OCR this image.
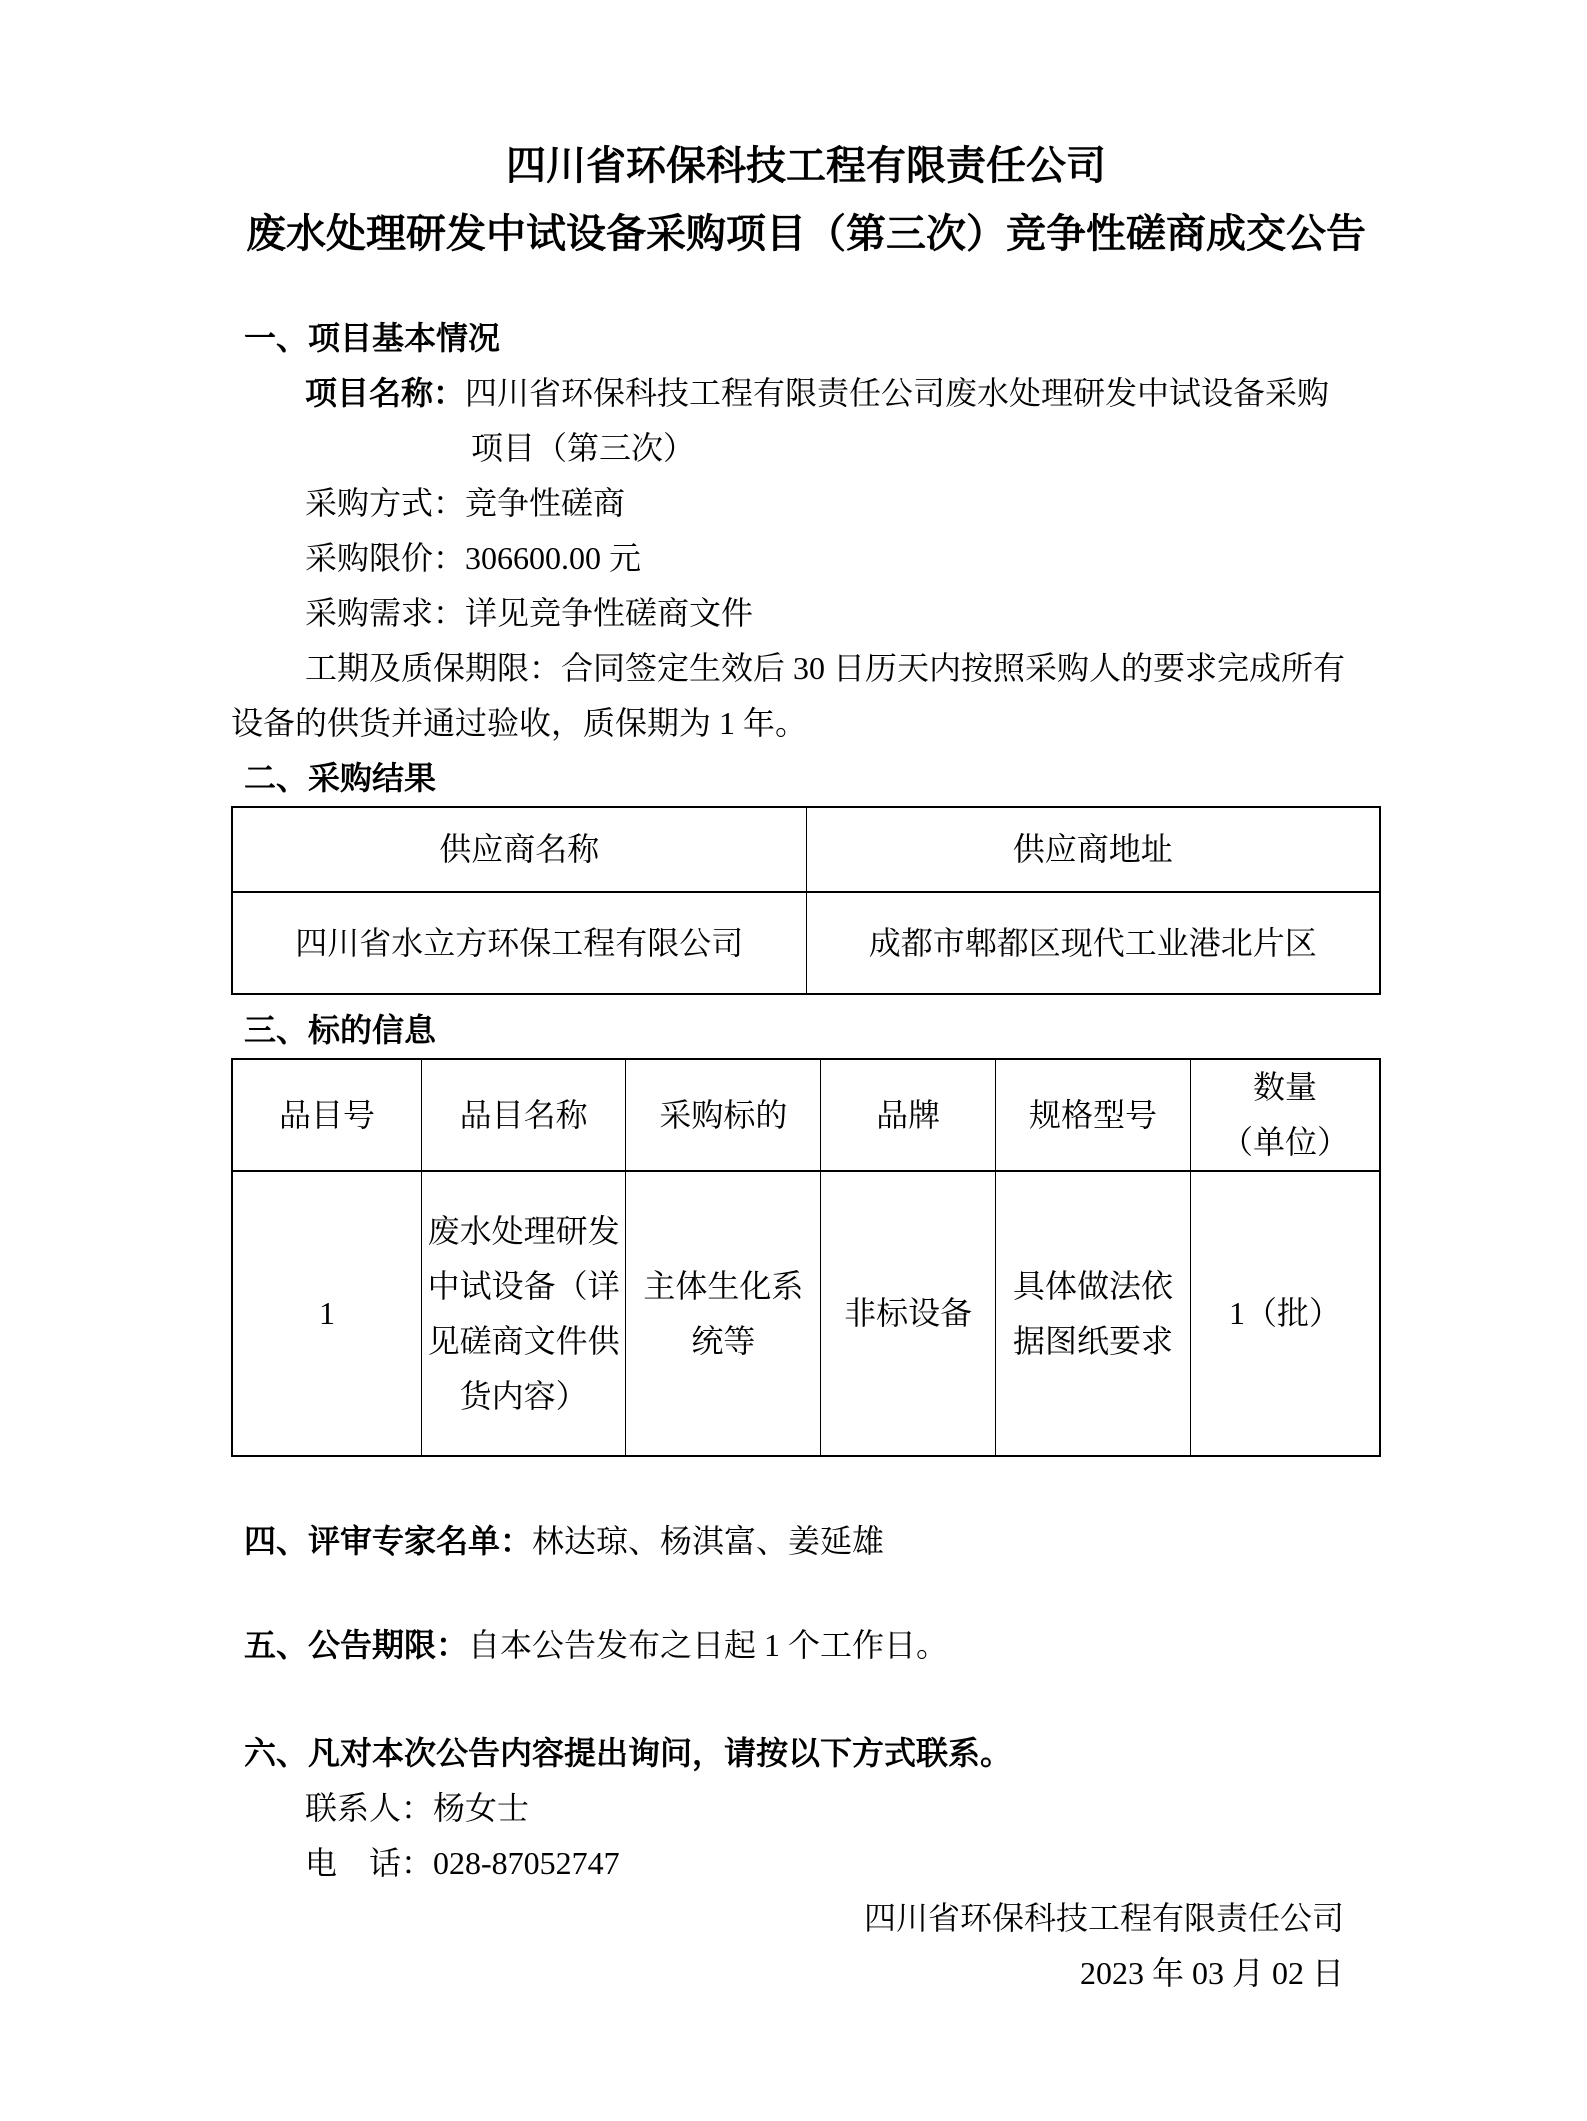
四川省环保科技工程有限责任公司
废水处理研发中试设备采购项目（第三次）竞争性磋商成交公告
一、项目基本情况
项目名称：四川省环保科技工程有限责任公司废水处理研发中试设备采购
项目（第三次）
采购方式：竞争性磋商
采购限价：306600.00 元
采购需求：详见竞争性磋商文件
工期及质保期限：合同签定生效后 30 日历天内按照采购人的要求完成所有
设备的供货并通过验收，质保期为 1 年。
二、采购结果
供应商名称	供应商地址
四川省水立方环保工程有限公司	成都市郫都区现代工业港北片区
三、标的信息
品目号	品目名称	采购标的	品牌	规格型号	数量
（单位）

1	废水处理研发中试设备（详见磋商文件供货内容）	主体生化系统等	非标设备	具体做法依据图纸要求	1（批）
四、评审专家名单：林达琼、杨淇富、姜延雄
五、公告期限：自本公告发布之日起 1 个工作日。
六、凡对本次公告内容提出询问，请按以下方式联系。
联系人：杨女士
电　话：028-87052747
四川省环保科技工程有限责任公司
2023 年 03 月 02 日
